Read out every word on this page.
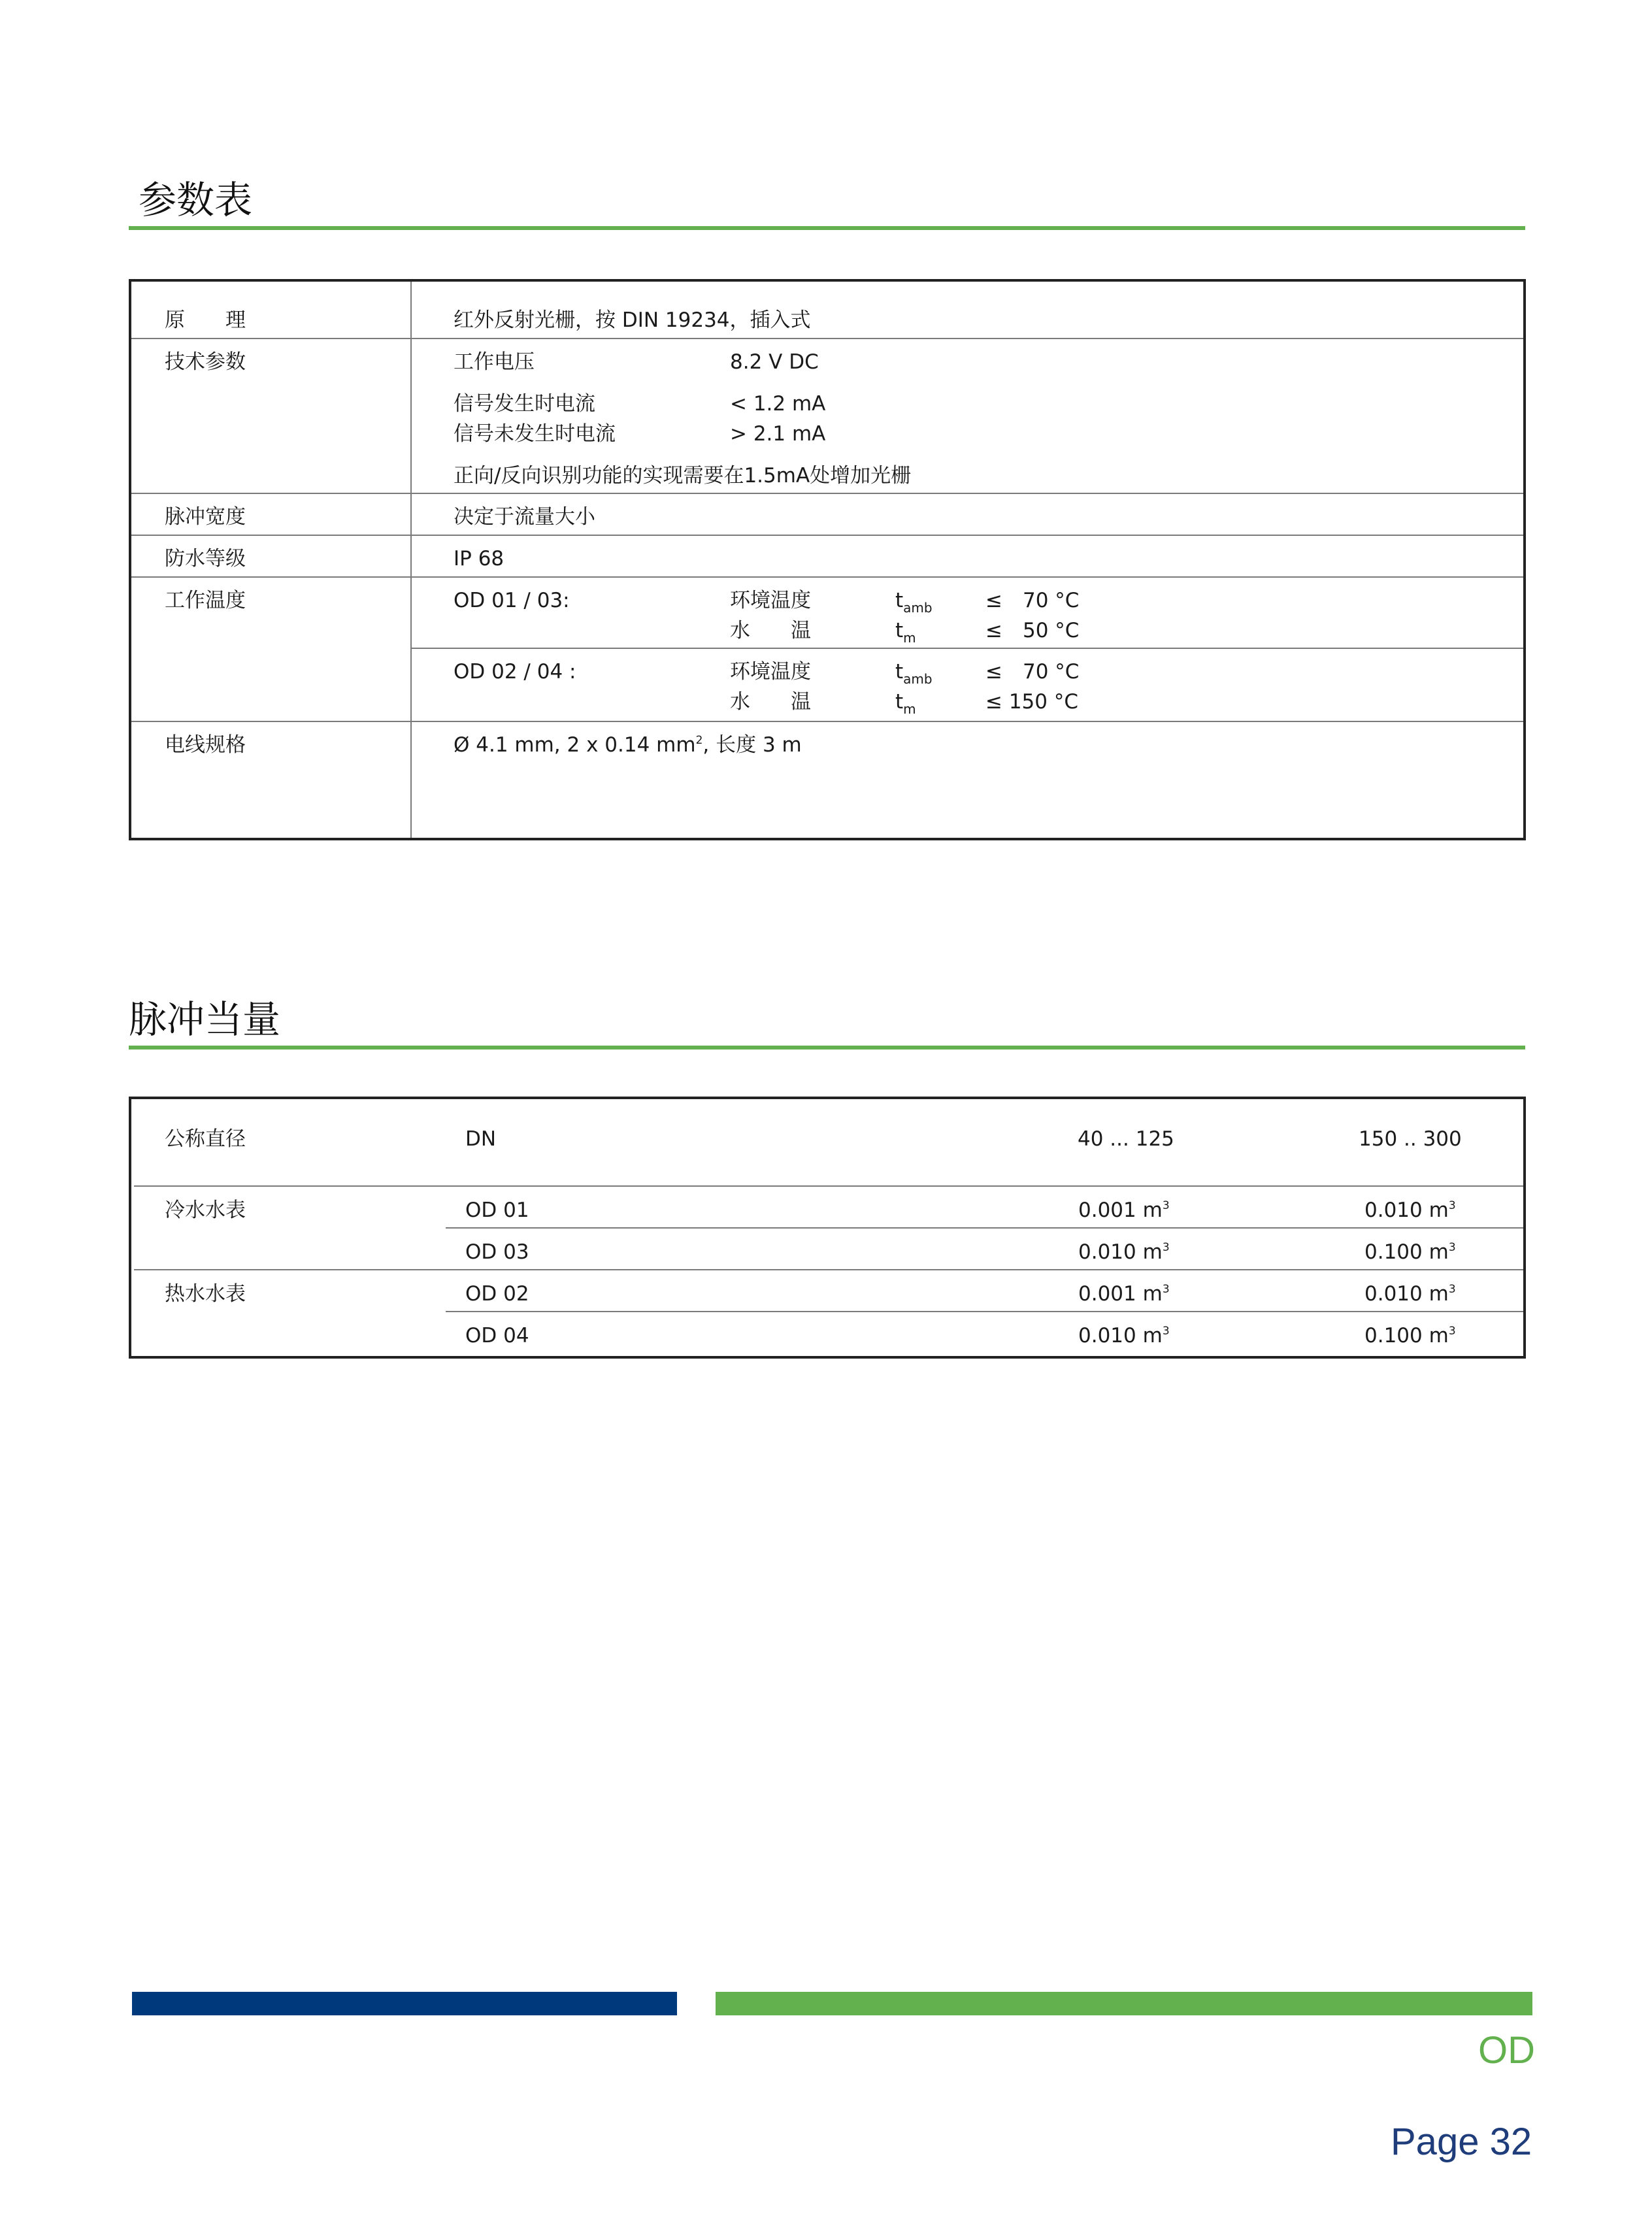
参数表
原　　理	红外反射光栅，按 DIN 19234，插入式
技术参数	工作电压	8.2 V DC
信号发生时电流	< 1.2 mA
信号未发生时电流	> 2.1 mA
正向/反向识别功能的实现需要在1.5mA处增加光栅
脉冲宽度	决定于流量大小
防水等级	IP 68
工作温度	OD 01 / 03:	环境温度	$t_{amb}$	≤　70 °C
水　　温	$t_m$	≤　50 °C
OD 02 / 04 :	环境温度	$t_{amb}$	≤　70 °C
水　　温	$t_m$	≤ 150 °C
电线规格	Ø 4.1 mm, 2 x 0.14 $mm^2$, 长度 3 m
脉冲当量
公称直径	DN	40 ... 125	150 .. 300
冷水水表	OD 01	0.001 $m^3$	0.010 $m^3$
OD 03	0.010 $m^3$	0.100 $m^3$
热水水表	OD 02	0.001 $m^3$	0.010 $m^3$
OD 04	0.010 $m^3$	0.100 $m^3$
OD
Page 32
